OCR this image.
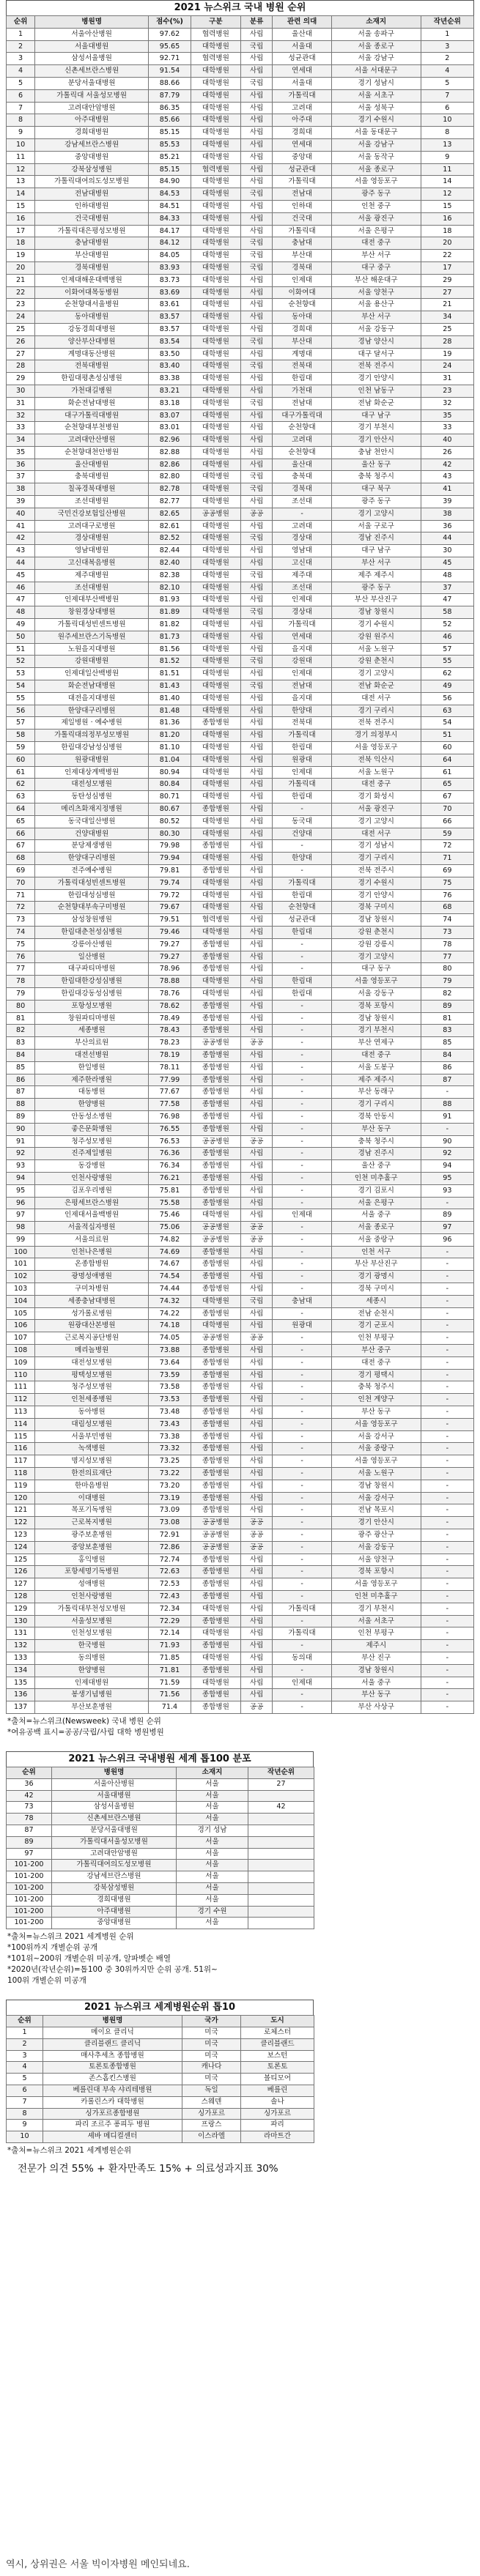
2021 뉴스위크 국내 병원 순위
순위	병원명	점수(%)	구분	분류	관련 의대	소재지	작년순위
1	서울아산병원	97.62	협력병원	사립	울산대	서울 송파구	1
2	서울대병원	95.65	대학병원	국립	서울대	서울 종로구	3
3	삼성서울병원	92.71	협력병원	사립	성균관대	서울 강남구	2
4	신촌세브란스병원	91.54	대학병원	사립	연세대	서울 서대문구	4
5	분당서울대병원	88.66	대학병원	국립	서울대	경기 성남시	5
6	가톨릭대 서울성모병원	87.79	대학병원	사립	가톨릭대	서울 서초구	7
7	고려대안암병원	86.35	대학병원	사립	고려대	서울 성북구	6
8	아주대병원	85.66	대학병원	사립	아주대	경기 수원시	10
9	경희대병원	85.15	대학병원	사립	경희대	서울 동대문구	8
10	강남세브란스병원	85.53	대학병원	사립	연세대	서울 강남구	13
11	중앙대병원	85.21	대학병원	사립	중앙대	서울 동작구	9
12	강북삼성병원	85.15	협력병원	사립	성균관대	서울 종로구	11
13	가톨릭대여의도성모병원	84.90	대학병원	사립	가톨릭대	서울 영등포구	14
14	전남대병원	84.53	대학병원	국립	전남대	광주 동구	12
15	인하대병원	84.51	대학병원	사립	인하대	인천 중구	15
16	건국대병원	84.33	대학병원	사립	건국대	서울 광진구	16
17	가톨릭대은평성모병원	84.17	대학병원	사립	가톨릭대	서울 은평구	18
18	충남대병원	84.12	대학병원	국립	충남대	대전 중구	20
19	부산대병원	84.05	대학병원	국립	부산대	부산 서구	22
20	경북대병원	83.93	대학병원	국립	경북대	대구 중구	17
21	인제대해운대백병원	83.73	대학병원	사립	인제대	부산 해운대구	29
22	이화여대목동병원	83.69	대학병원	사립	이화여대	서울 양천구	27
23	순천향대서울병원	83.61	대학병원	사립	순천향대	서울 용산구	21
24	동아대병원	83.57	대학병원	사립	동아대	부산 서구	34
25	강동경희대병원	83.57	대학병원	사립	경희대	서울 강동구	25
26	양산부산대병원	83.54	대학병원	국립	부산대	경남 양산시	28
27	계명대동산병원	83.50	대학병원	사립	계명대	대구 달서구	19
28	전북대병원	83.40	대학병원	국립	전북대	전북 전주시	24
29	한림대평촌성심병원	83.38	대학병원	사립	한림대	경기 안양시	31
30	가천대길병원	83.21	대학병원	사립	가천대	인천 남동구	23
31	화순전남대병원	83.18	대학병원	국립	전남대	전남 화순군	32
32	대구가톨릭대병원	83.07	대학병원	사립	대구가톨릭대	대구 남구	35
33	순천향대부천병원	83.01	대학병원	사립	순천향대	경기 부천시	33
34	고려대안산병원	82.96	대학병원	사립	고려대	경기 안산시	40
35	순천향대천안병원	82.88	대학병원	사립	순천향대	충남 천안시	26
36	울산대병원	82.86	대학병원	사립	울산대	울산 동구	42
37	충북대병원	82.80	대학병원	국립	충북대	충북 청주시	43
38	칠곡경북대병원	82.78	대학병원	국립	경북대	대구 북구	41
39	조선대병원	82.77	대학병원	사립	조선대	광주 동구	39
40	국민건강보험일산병원	82.65	공공병원	공공	-	경기 고양시	38
41	고려대구로병원	82.61	대학병원	사립	고려대	서울 구로구	36
42	경상대병원	82.52	대학병원	국립	경상대	경남 진주시	44
43	영남대병원	82.44	대학병원	사립	영남대	대구 남구	30
44	고신대복음병원	82.40	대학병원	사립	고신대	부산 서구	45
45	제주대병원	82.38	대학병원	국립	제주대	제주 제주시	48
46	조선대병원	82.10	대학병원	사립	조선대	광주 동구	37
47	인제대부산백병원	81.93	대학병원	사립	인제대	부산 부산진구	47
48	창원경상대병원	81.89	대학병원	국립	경상대	경남 창원시	58
49	가톨릭대성빈센트병원	81.82	대학병원	사립	가톨릭대	경기 수원시	52
50	원주세브란스기독병원	81.73	대학병원	사립	연세대	강원 원주시	46
51	노원을지대병원	81.56	대학병원	사립	을지대	서울 노원구	57
52	강원대병원	81.52	대학병원	국립	강원대	강원 춘천시	55
53	인제대일산백병원	81.51	대학병원	사립	인제대	경기 고양시	62
54	화순전남대병원	81.43	대학병원	국립	전남대	전남 화순군	49
55	대전을지대병원	81.40	대학병원	사립	을지대	대전 서구	56
56	한양대구리병원	81.48	대학병원	사립	한양대	경기 구리시	63
57	제일병원 · 예수병원	81.36	종합병원	사립	전북대	전북 전주시	54
58	가톨릭대의정부성모병원	81.20	대학병원	사립	가톨릭대	경기 의정부시	51
59	한림대강남성심병원	81.10	대학병원	사립	한림대	서울 영등포구	60
60	원광대병원	81.04	대학병원	사립	원광대	전북 익산시	64
61	인제대상계백병원	80.94	대학병원	사립	인제대	서울 노원구	61
62	대전성모병원	80.84	대학병원	사립	가톨릭대	대전 중구	65
63	동탄성심병원	80.71	대학병원	사립	한림대	경기 화성시	67
64	메리츠화재지정병원	80.67	종합병원	사립	-	서울 광진구	70
65	동국대일산병원	80.52	대학병원	사립	동국대	경기 고양시	66
66	건양대병원	80.30	대학병원	사립	건양대	대전 서구	59
67	분당제생병원	79.98	종합병원	사립	-	경기 성남시	72
68	한양대구리병원	79.94	대학병원	사립	한양대	경기 구리시	71
69	전주예수병원	79.81	종합병원	사립	-	전북 전주시	69
70	가톨릭대성빈센트병원	79.74	대학병원	사립	가톨릭대	경기 수원시	75
71	한림대성심병원	79.72	대학병원	사립	한림대	경기 안양시	76
72	순천향대부속구미병원	79.67	대학병원	사립	순천향대	경북 구미시	68
73	삼성창원병원	79.51	협력병원	사립	성균관대	경남 창원시	74
74	한림대춘천성심병원	79.46	대학병원	사립	한림대	강원 춘천시	73
75	강릉아산병원	79.27	종합병원	사립	-	강원 강릉시	78
76	일산병원	79.27	종합병원	사립	-	경기 고양시	77
77	대구파티마병원	78.96	종합병원	사립	-	대구 동구	80
78	한림대한강성심병원	78.88	대학병원	사립	한림대	서울 영등포구	79
79	한림대강동성심병원	78.76	대학병원	사립	한림대	서울 강동구	82
80	포항성모병원	78.62	종합병원	사립	-	경북 포항시	89
81	창원파티마병원	78.49	종합병원	사립	-	경남 창원시	81
82	세종병원	78.43	종합병원	사립	-	경기 부천시	83
83	부산의료원	78.23	공공병원	공공	-	부산 연제구	85
84	대전선병원	78.19	종합병원	사립	-	대전 중구	84
85	한일병원	78.11	종합병원	사립	-	서울 도봉구	86
86	제주한라병원	77.99	종합병원	사립	-	제주 제주시	87
87	대동병원	77.67	종합병원	사립	-	부산 동래구	-
88	한양병원	77.58	종합병원	사립	-	경기 구리시	88
89	안동성소병원	76.98	종합병원	사립	-	경북 안동시	91
90	좋은문화병원	76.55	종합병원	사립	-	부산 동구	-
91	청주성모병원	76.53	공공병원	공공	-	충북 청주시	90
92	진주제일병원	76.36	종합병원	사립	-	경남 진주시	92
93	동강병원	76.34	종합병원	사립	-	울산 중구	94
94	인천사랑병원	76.21	종합병원	사립	-	인천 미추홀구	95
95	김포우리병원	75.81	종합병원	사립	-	경기 김포시	93
96	은평세브란스병원	75.58	종합병원	사립	-	서울 은평구	-
97	인제대서울백병원	75.46	대학병원	사립	인제대	서울 중구	89
98	서울적십자병원	75.06	공공병원	공공	-	서울 종로구	97
99	서울의료원	74.82	공공병원	공공	-	서울 중랑구	96
100	인천나은병원	74.69	종합병원	사립	-	인천 서구	-
101	온종합병원	74.67	종합병원	사립	-	부산 부산진구	-
102	광명성애병원	74.54	종합병원	사립	-	경기 광명시	-
103	구미차병원	74.44	종합병원	사립	-	경북 구미시	-
104	세종충남대병원	74.32	대학병원	국립	충남대	세종시	-
105	성가롤로병원	74.22	종합병원	사립	-	전남 순천시	-
106	원광대산본병원	74.18	대학병원	사립	원광대	경기 군포시	-
107	근로복지공단병원	74.05	공공병원	공공	-	인천 부평구	-
108	메리놀병원	73.88	종합병원	사립	-	부산 중구	-
109	대전성모병원	73.64	종합병원	사립	-	대전 중구	-
110	평택성모병원	73.59	종합병원	사립	-	경기 평택시	-
111	청주성모병원	73.58	종합병원	사립	-	충북 청주시	-
112	인천세종병원	73.53	종합병원	사립	-	인천 계양구	-
113	동아병원	73.48	종합병원	사립	-	부산 동구	-
114	대림성모병원	73.43	종합병원	사립	-	서울 영등포구	-
115	서울부민병원	73.38	종합병원	사립	-	서울 강서구	-
116	녹색병원	73.32	종합병원	사립	-	서울 중랑구	-
117	명지성모병원	73.25	종합병원	사립	-	서울 영등포구	-
118	한전의료재단	73.22	종합병원	사립	-	서울 노원구	-
119	한마음병원	73.20	종합병원	사립	-	경남 창원시	-
120	이대병원	73.19	종합병원	사립	-	서울 강서구	-
121	목포기독병원	73.09	종합병원	사립	-	전남 목포시	-
122	근로복지병원	73.08	공공병원	공공	-	경기 안산시	-
123	광주보훈병원	72.91	공공병원	공공	-	광주 광산구	-
124	중앙보훈병원	72.86	공공병원	공공	-	서울 강동구	-
125	홍익병원	72.74	종합병원	사립	-	서울 양천구	-
126	포항세명기독병원	72.63	종합병원	사립	-	경북 포항시	-
127	성애병원	72.53	종합병원	사립	-	서울 영등포구	-
128	인천사랑병원	72.43	종합병원	사립	-	인천 미추홀구	-
129	가톨릭대부천성모병원	72.34	대학병원	사립	가톨릭대	경기 부천시	-
130	서울성모병원	72.29	종합병원	사립	-	서울 서초구	-
131	인천성모병원	72.14	대학병원	사립	가톨릭대	인천 부평구	-
132	한국병원	71.93	종합병원	사립	-	제주시	-
133	동의병원	71.85	대학병원	사립	동의대	부산 진구	-
134	한양병원	71.81	종합병원	사립	-	경남 창원시	-
135	인제대병원	71.59	대학병원	사립	인제대	서울 중구	-
136	봉생기념병원	71.56	종합병원	사립	-	부산 동구	-
137	부산보훈병원	71.4	종합병원	공공	-	부산 사상구	-
*출처=뉴스위크(Newsweek) 국내 병원 순위
*여유공백 표시=공공/국립/사립 대학 병원병원
2021 뉴스위크 국내병원 세계 톱100 분포
순위	병원명	소재지	작년순위
36	서울아산병원	서울	27
42	서울대병원	서울	
73	삼성서울병원	서울	42
78	신촌세브란스병원	서울	
87	분당서울대병원	경기 성남	
89	가톨릭대서울성모병원	서울	
97	고려대안암병원	서울	
101-200	가톨릭대여의도성모병원	서울	
101-200	강남세브란스병원	서울	
101-200	강북삼성병원	서울	
101-200	경희대병원	서울	
101-200	아주대병원	경기 수원	
101-200	중앙대병원	서울	
*출처=뉴스위크 2021 세계병원 순위
*100위까지 개별순위 공개
*101위~200위 개별순위 미공개, 알파벳순 배열
*2020년(작년순위)=톱100 중 30위까지만 순위 공개. 51위~
100위 개별순위 미공개
2021 뉴스위크 세계병원순위 톱10
순위	병원명	국가	도시
1	메이요 클리닉	미국	로체스터
2	클리블랜드 클리닉	미국	클리블랜드
3	매사추세츠 종합병원	미국	보스턴
4	토론토종합병원	캐나다	토론토
5	존스홉킨스병원	미국	볼티모어
6	베를린대 부속 샤리테병원	독일	베를린
7	카롤린스카 대학병원	스웨덴	솔나
8	싱가포르종합병원	싱가포르	싱가포르
9	파리 조르주 퐁피두 병원	프랑스	파리
10	셰바 메디컬센터	이스라엘	라마트간
*출처=뉴스위크 2021 세계병원순위
전문가 의견 55% + 환자만족도 15% + 의료성과지표 30%
역시, 상위권은 서울 빅이자병원 메인되네요.
